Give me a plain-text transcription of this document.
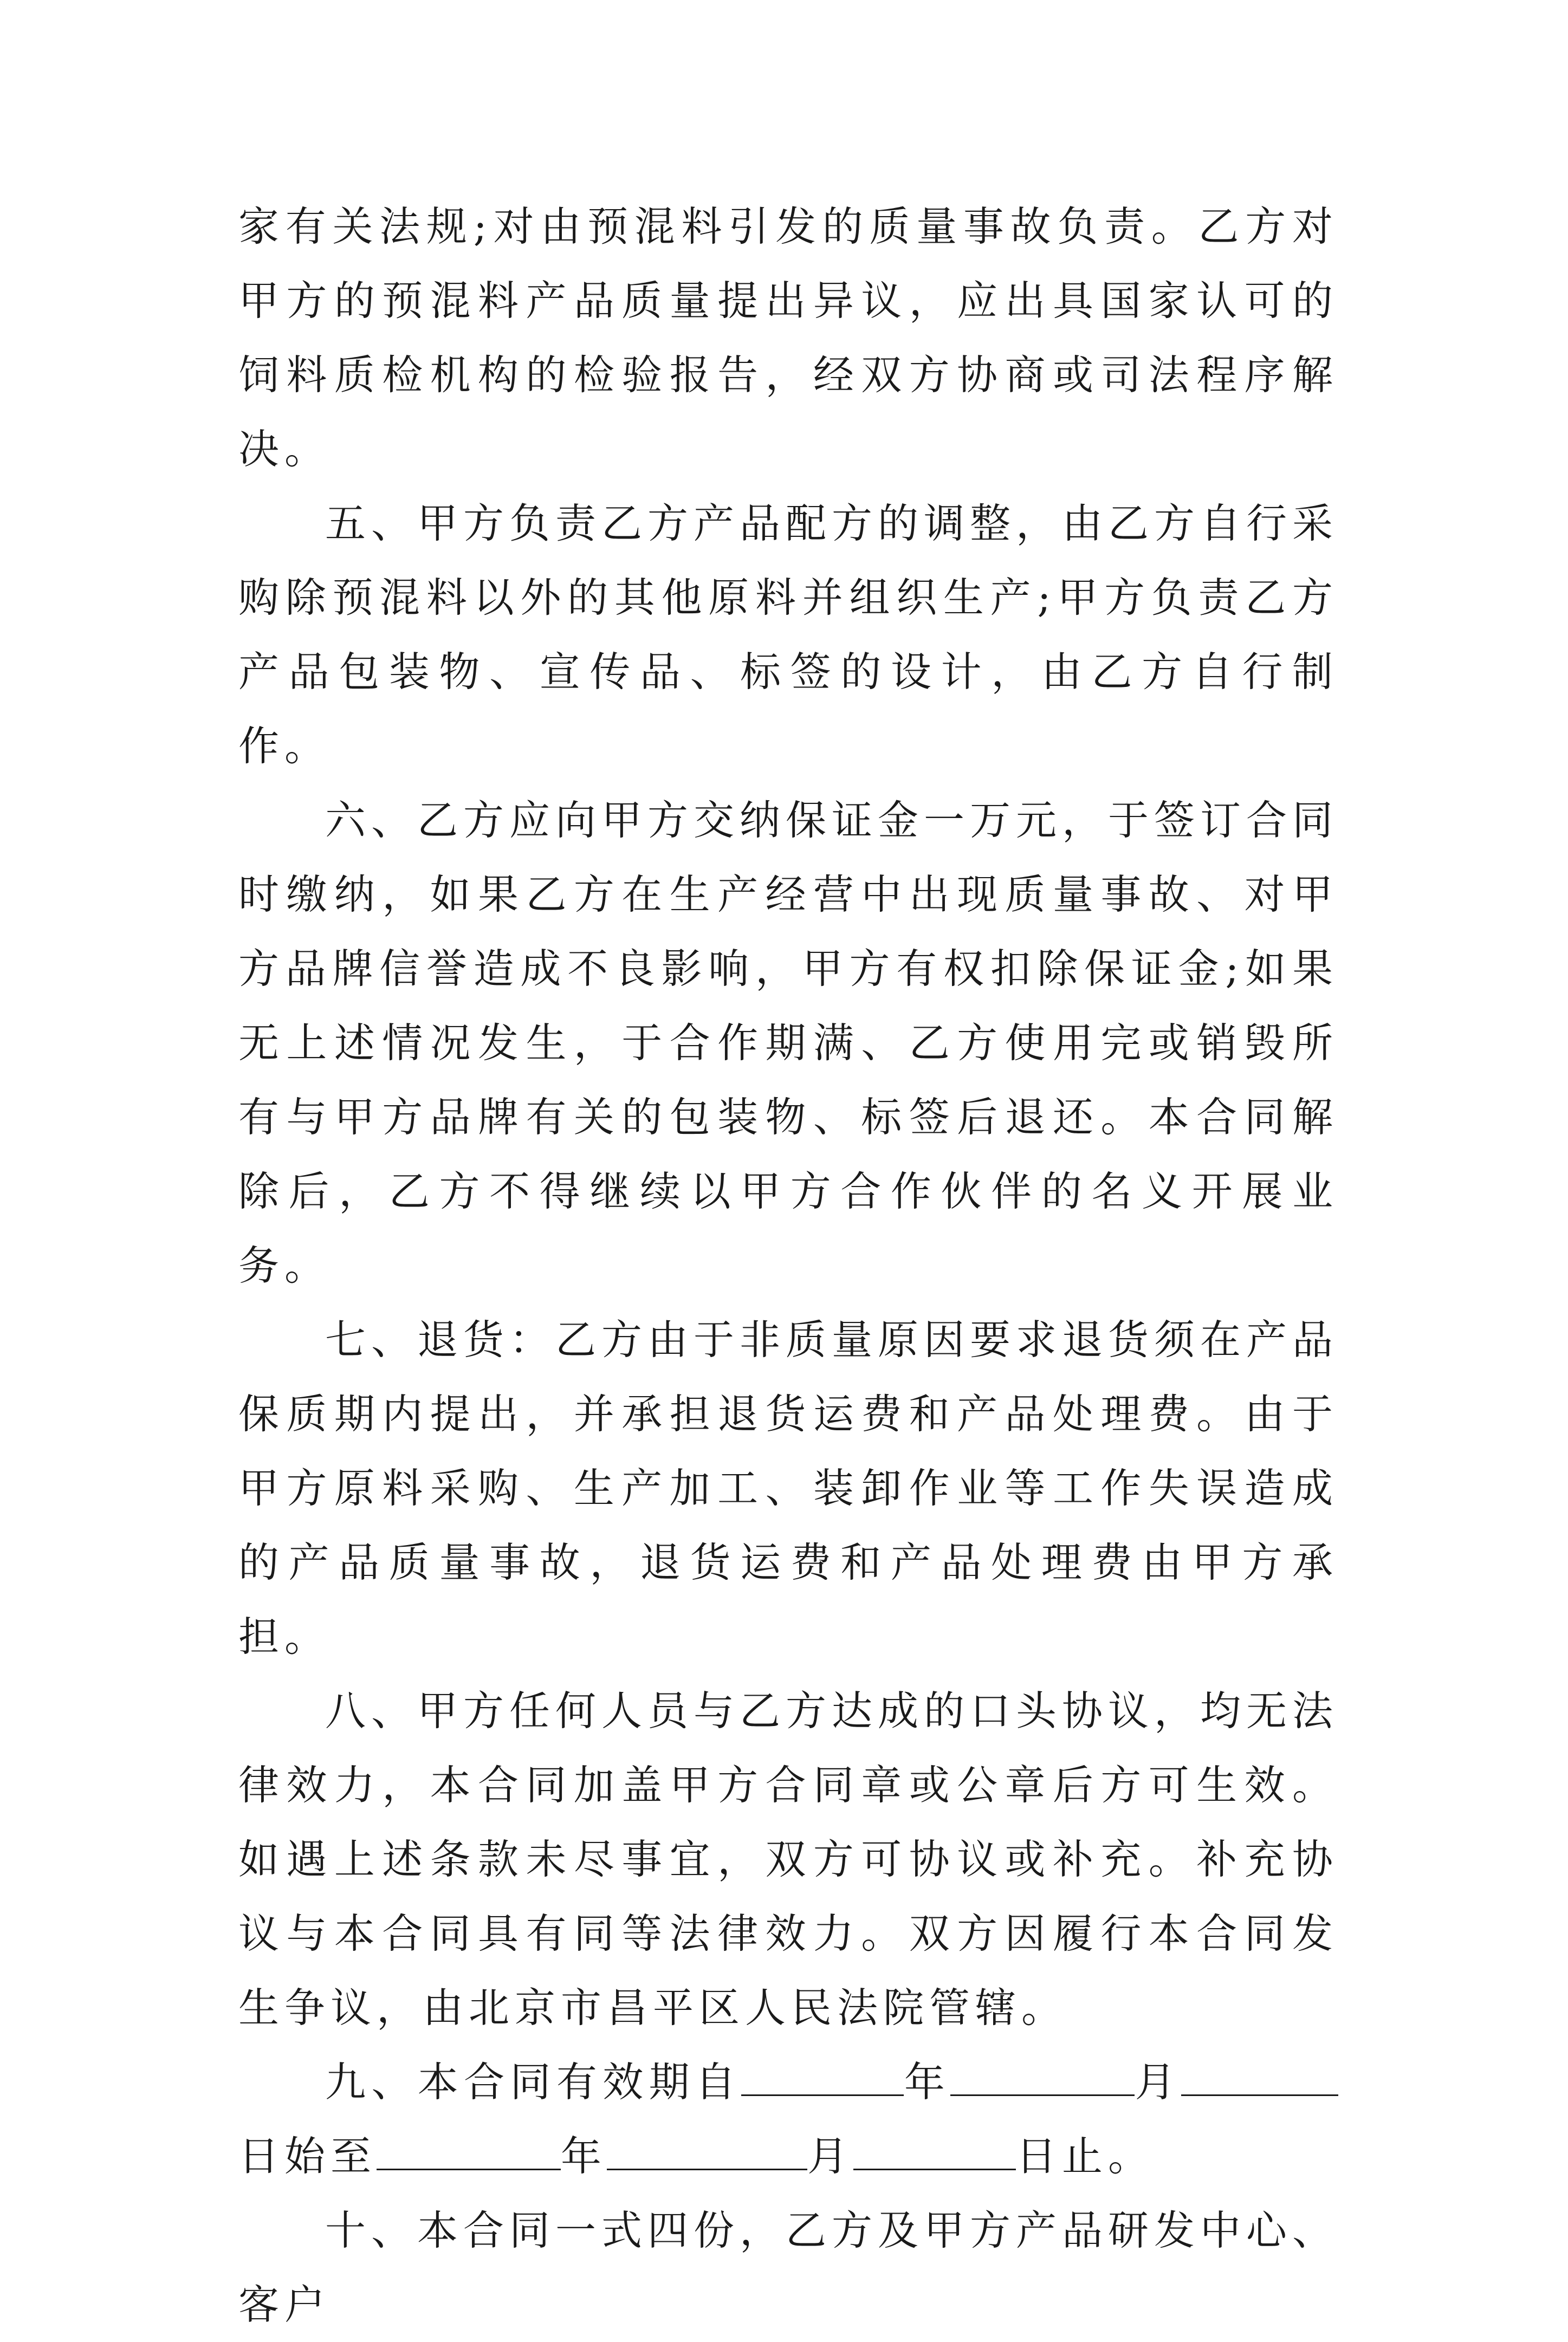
家有关法规;对由预混料引发的质量事故负责。乙方对甲方的预混料产品质量提出异议，应出具国家认可的饲料质检机构的检验报告，经双方协商或司法程序解决。

五、甲方负责乙方产品配方的调整，由乙方自行采购除预混料以外的其他原料并组织生产;甲方负责乙方产品包装物、宣传品、标签的设计，由乙方自行制作。

六、乙方应向甲方交纳保证金一万元，于签订合同时缴纳，如果乙方在生产经营中出现质量事故、对甲方品牌信誉造成不良影响，甲方有权扣除保证金;如果无上述情况发生，于合作期满、乙方使用完或销毁所有与甲方品牌有关的包装物、标签后退还。本合同解除后，乙方不得继续以甲方合作伙伴的名义开展业务。

七、退货：乙方由于非质量原因要求退货须在产品保质期内提出，并承担退货运费和产品处理费。由于甲方原料采购、生产加工、装卸作业等工作失误造成的产品质量事故，退货运费和产品处理费由甲方承担。

八、甲方任何人员与乙方达成的口头协议，均无法律效力，本合同加盖甲方合同章或公章后方可生效。如遇上述条款未尽事宜，双方可协议或补充。补充协议与本合同具有同等法律效力。双方因履行本合同发生争议，由北京市昌平区人民法院管辖。

九、本合同有效期自	年	月日始至	年	月	日止。

十、本合同一式四份，乙方及甲方产品研发中心、客户
